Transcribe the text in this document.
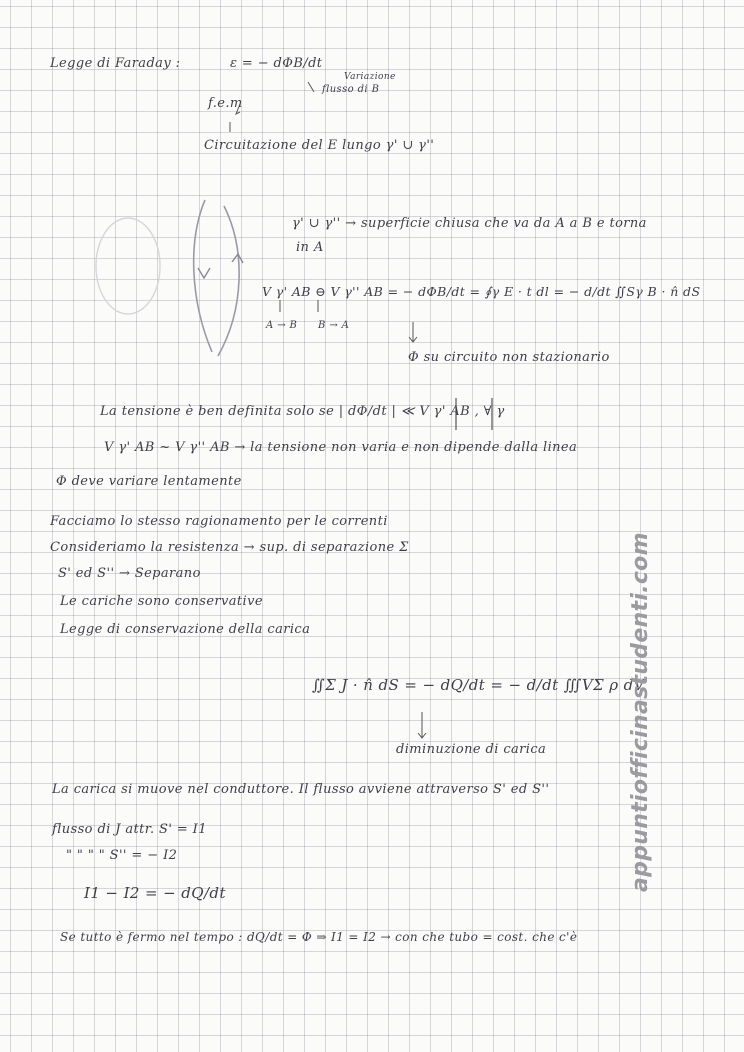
Legge di Faraday :	ε = − dΦB/dt
Variazione
flusso di B
f.e.m
Circuitazione del E lungo γ' ∪ γ''
γ' ∪ γ'' → superficie chiusa che va da A a B e torna
in A
V γ' AB ⊖ V γ'' AB = − dΦB/dt = ∮γ E · t dl = − d/dt ∬Sγ B · n̂ dS
A → B B → A
Φ su circuito non stazionario
La tensione è ben definita solo se | dΦ/dt | ≪ V γ' AB , ∀ γ
V γ' AB ~ V γ'' AB → la tensione non varia e non dipende dalla linea
Φ deve variare lentamente
Facciamo lo stesso ragionamento per le correnti
Consideriamo la resistenza → sup. di separazione Σ
S' ed S'' → Separano
Le cariche sono conservative
Legge di conservazione della carica
∬Σ J · n̂ dS = − dQ/dt = − d/dt ∭VΣ ρ dV
diminuzione di carica
La carica si muove nel conduttore. Il flusso avviene attraverso S' ed S''
flusso di J attr. S' = I1
" " " " S'' = − I2
I1 − I2 = − dQ/dt
Se tutto è fermo nel tempo : dQ/dt = Φ ⇒ I1 = I2 → con che tubo = cost. che c'è
appuntiofficinastudenti.com
